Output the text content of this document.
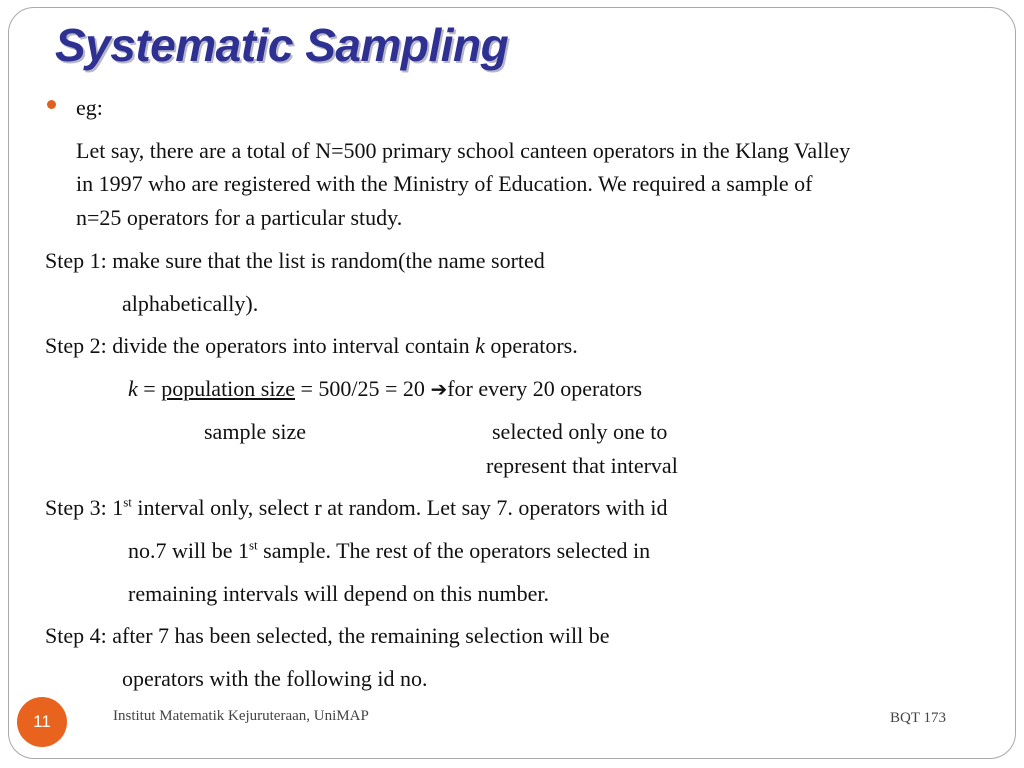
Systematic Sampling
eg:
Let say, there are a total of N=500 primary school canteen operators in the Klang Valley
in 1997 who are registered with the Ministry of Education. We required a sample of
n=25 operators for a particular study.
Step 1: make sure that the list is random(the name sorted
alphabetically).
Step 2: divide the operators into interval contain k operators.
k = population size = 500/25 = 20 ➔for every 20 operators
sample size	selected only one to
represent that interval
Step 3: 1st interval only, select r at random. Let say 7. operators with id
no.7 will be 1st sample. The rest of the operators selected in
remaining intervals will depend on this number.
Step 4: after 7 has been selected, the remaining selection will be
operators with the following id no.
11	Institut Matematik Kejuruteraan, UniMAP	BQT 173
